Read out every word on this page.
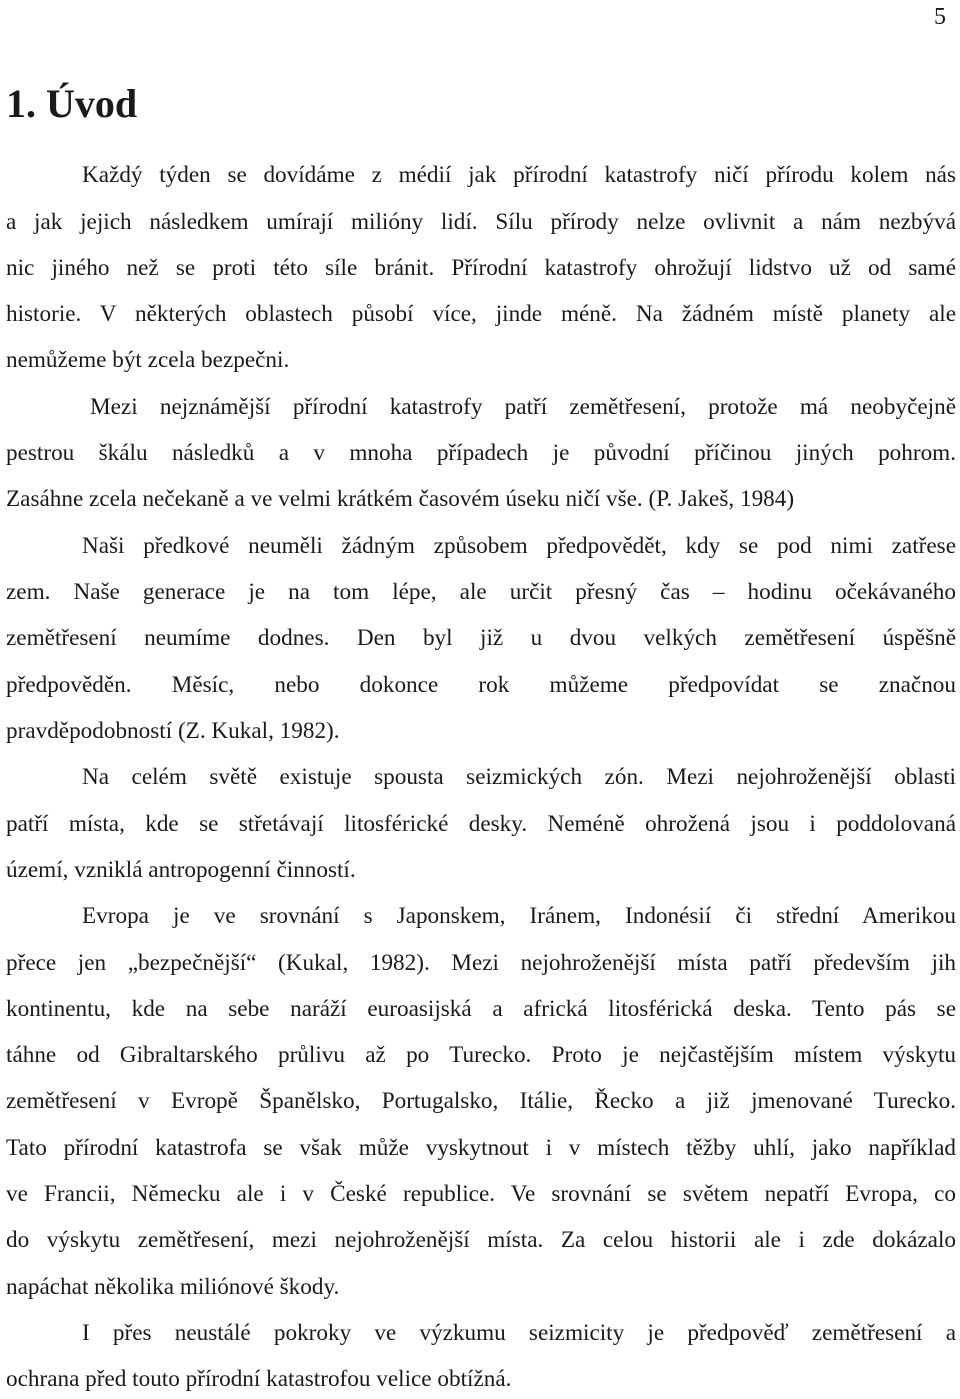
5
1. Úvod
Každý týden se dovídáme z médií jak přírodní katastrofy ničí přírodu kolem nás
a jak jejich následkem umírají milióny lidí. Sílu přírody nelze ovlivnit a nám nezbývá
nic jiného než se proti této síle bránit. Přírodní katastrofy ohrožují lidstvo už od samé
historie. V některých oblastech působí více, jinde méně. Na žádném místě planety ale
nemůžeme být zcela bezpečni.
Mezi nejznámější přírodní katastrofy patří zemětřesení, protože má neobyčejně
pestrou škálu následků a v mnoha případech je původní příčinou jiných pohrom.
Zasáhne zcela nečekaně a ve velmi krátkém časovém úseku ničí vše. (P. Jakeš, 1984)
Naši předkové neuměli žádným způsobem předpovědět, kdy se pod nimi zatřese
zem. Naše generace je na tom lépe, ale určit přesný čas – hodinu očekávaného
zemětřesení neumíme dodnes. Den byl již u dvou velkých zemětřesení úspěšně
předpověděn. Měsíc, nebo dokonce rok můžeme předpovídat se značnou
pravděpodobností (Z. Kukal, 1982).
Na celém světě existuje spousta seizmických zón. Mezi nejohroženější oblasti
patří místa, kde se střetávají litosférické desky. Neméně ohrožená jsou i poddolovaná
území, vzniklá antropogenní činností.
Evropa je ve srovnání s Japonskem, Iránem, Indonésií či střední Amerikou
přece jen „bezpečnější“ (Kukal, 1982). Mezi nejohroženější místa patří především jih
kontinentu, kde na sebe naráží euroasijská a africká litosférická deska. Tento pás se
táhne od Gibraltarského průlivu až po Turecko. Proto je nejčastějším místem výskytu
zemětřesení v Evropě Španělsko, Portugalsko, Itálie, Řecko a již jmenované Turecko.
Tato přírodní katastrofa se však může vyskytnout i v místech těžby uhlí, jako například
ve Francii, Německu ale i v České republice. Ve srovnání se světem nepatří Evropa, co
do výskytu zemětřesení, mezi nejohroženější místa. Za celou historii ale i zde dokázalo
napáchat několika miliónové škody.
I přes neustálé pokroky ve výzkumu seizmicity je předpověď zemětřesení a
ochrana před touto přírodní katastrofou velice obtížná.
